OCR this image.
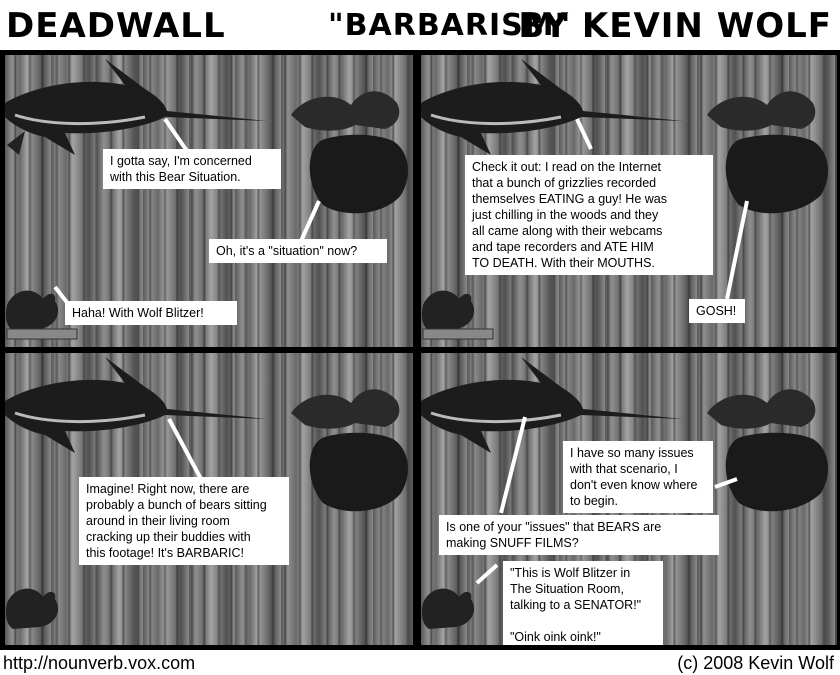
DEADWALL	"BARBARISM"
BY KEVIN WOLF
I gotta say, I'm concerned
with this Bear Situation.
Oh, it's a "situation" now?
Haha! With Wolf Blitzer!
Check it out: I read on the Internet
that a bunch of grizzlies recorded
themselves EATING a guy! He was
just chilling in the woods and they
all came along with their webcams
and tape recorders and ATE HIM
TO DEATH. With their MOUTHS.
GOSH!
Imagine! Right now, there are
probably a bunch of bears sitting
around in their living room
cracking up their buddies with
this footage! It's BARBARIC!
I have so many issues
with that scenario, I
don't even know where
to begin.
Is one of your "issues" that BEARS are
making SNUFF FILMS?
"This is Wolf Blitzer in
The Situation Room,
talking to a SENATOR!"

"Oink oink oink!"
http://nounverb.vox.com	(c) 2008 Kevin Wolf
